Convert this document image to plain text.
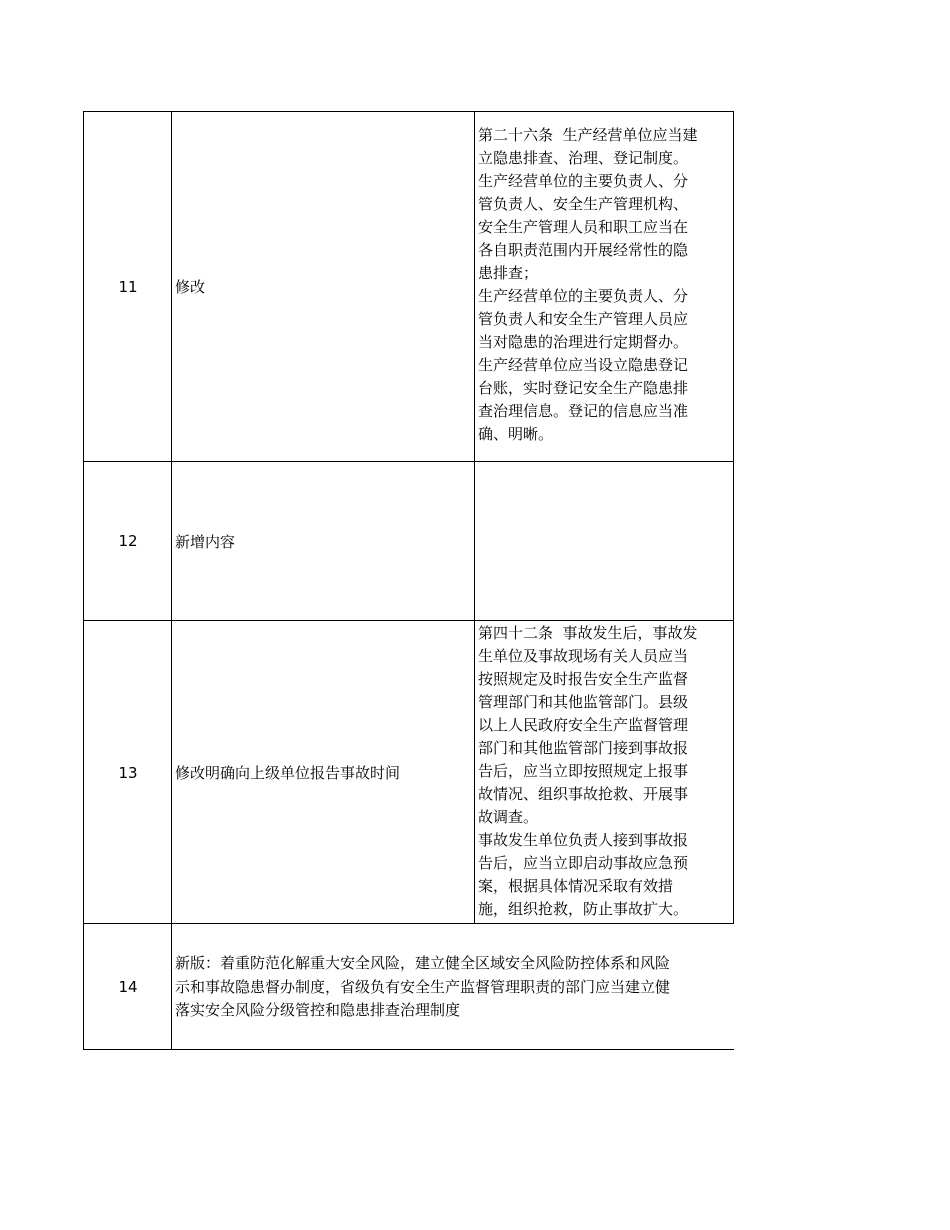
11 修改

第二十六条  生产经营单位应当建

立隐患排查、治理、登记制度。

生产经营单位的主要负责人、分

管负责人、安全生产管理机构、

安全生产管理人员和职工应当在

各自职责范围内开展经常性的隐

患排查；

生产经营单位的主要负责人、分

管负责人和安全生产管理人员应

当对隐患的治理进行定期督办。

生产经营单位应当设立隐患登记

台账，实时登记安全生产隐患排

查治理信息。登记的信息应当准

确、明晰。

12 新增内容
13 修改明确向上级单位报告事故时间

第四十二条  事故发生后，事故发

生单位及事故现场有关人员应当

按照规定及时报告安全生产监督

管理部门和其他监管部门。县级

以上人民政府安全生产监督管理

部门和其他监管部门接到事故报

告后，应当立即按照规定上报事

故情况、组织事故抢救、开展事

故调查。

事故发生单位负责人接到事故报

告后，应当立即启动事故应急预

案，根据具体情况采取有效措

施，组织抢救，防止事故扩大。

14
新版：着重防范化解重大安全风险，建立健全区域安全风险防控体系和风险
示和事故隐患督办制度，省级负有安全生产监督管理职责的部门应当建立健
落实安全风险分级管控和隐患排查治理制度
